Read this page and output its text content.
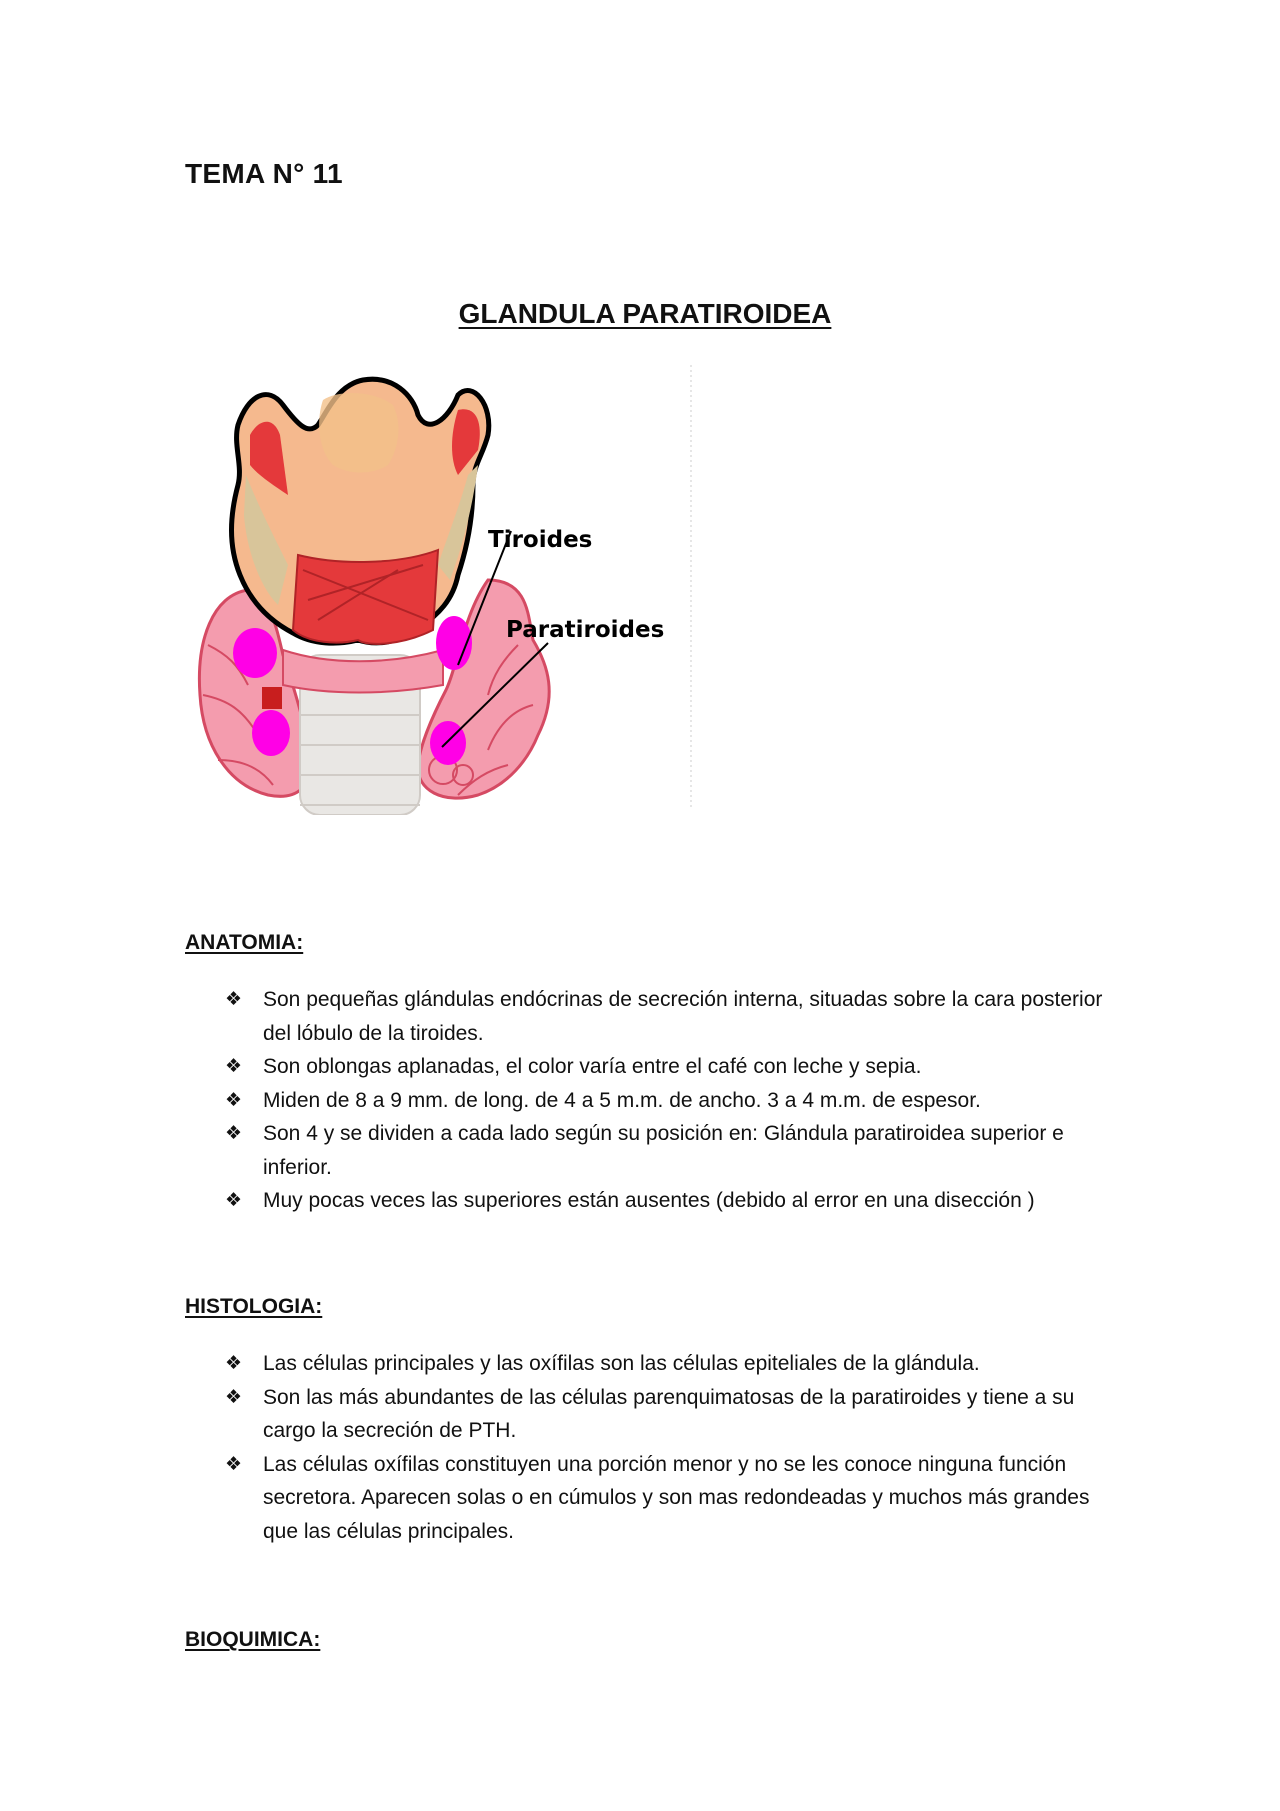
TEMA N° 11
GLANDULA PARATIROIDEA
Tiroides
Paratiroides
ANATOMIA:
❖ Son pequeñas glándulas endócrinas de secreción interna, situadas sobre la cara posterior del lóbulo de la tiroides.
❖ Son oblongas aplanadas, el color varía entre el café con leche y sepia.
❖ Miden de 8 a 9 mm. de long. de 4 a 5 m.m. de ancho. 3 a 4 m.m. de espesor.
❖ Son 4 y se dividen a cada lado según su posición en: Glándula paratiroidea superior e inferior.
❖ Muy pocas veces las superiores están ausentes (debido al error en una disección )
HISTOLOGIA:
❖ Las células principales y las oxífilas son las células epiteliales de la glándula.
❖ Son las más abundantes de las células parenquimatosas de la paratiroides y tiene a su cargo la secreción de PTH.
❖ Las células oxífilas constituyen una porción menor y no se les conoce ninguna función secretora. Aparecen solas o en cúmulos y son mas redondeadas y muchos más grandes que las células principales.
BIOQUIMICA:
